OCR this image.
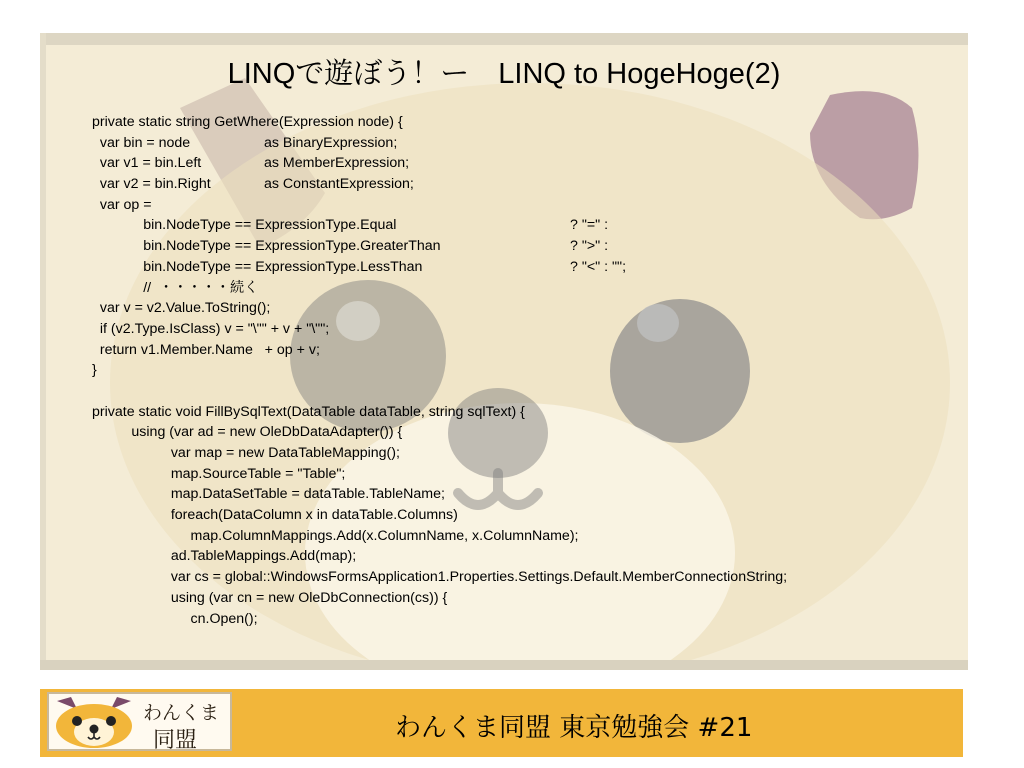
LINQで遊ぼう！ー　LINQ to HogeHoge(2)
private static string GetWhere(Expression node) {
var bin = node	as BinaryExpression;
var v1 = bin.Left	as MemberExpression;
var v2 = bin.Right	as ConstantExpression;
var op =
bin.NodeType == ExpressionType.Equal	? "=" :
bin.NodeType == ExpressionType.GreaterThan	? ">" :
bin.NodeType == ExpressionType.LessThan	? "<" : "";
//  ・・・・・続く
var v = v2.Value.ToString();
if (v2.Type.IsClass) v = "\"" + v + "\"";
return v1.Member.Name   + op + v;
}
private static void FillBySqlText(DataTable dataTable, string sqlText) {
using (var ad = new OleDbDataAdapter()) {
var map = new DataTableMapping();
map.SourceTable = "Table";
map.DataSetTable = dataTable.TableName;
foreach(DataColumn x in dataTable.Columns)
map.ColumnMappings.Add(x.ColumnName, x.ColumnName);
ad.TableMappings.Add(map);
var cs = global::WindowsFormsApplication1.Properties.Settings.Default.MemberConnectionString;
using (var cn = new OleDbConnection(cs)) {
cn.Open();
わんくま
同盟	わんくま同盟 東京勉強会 #21
